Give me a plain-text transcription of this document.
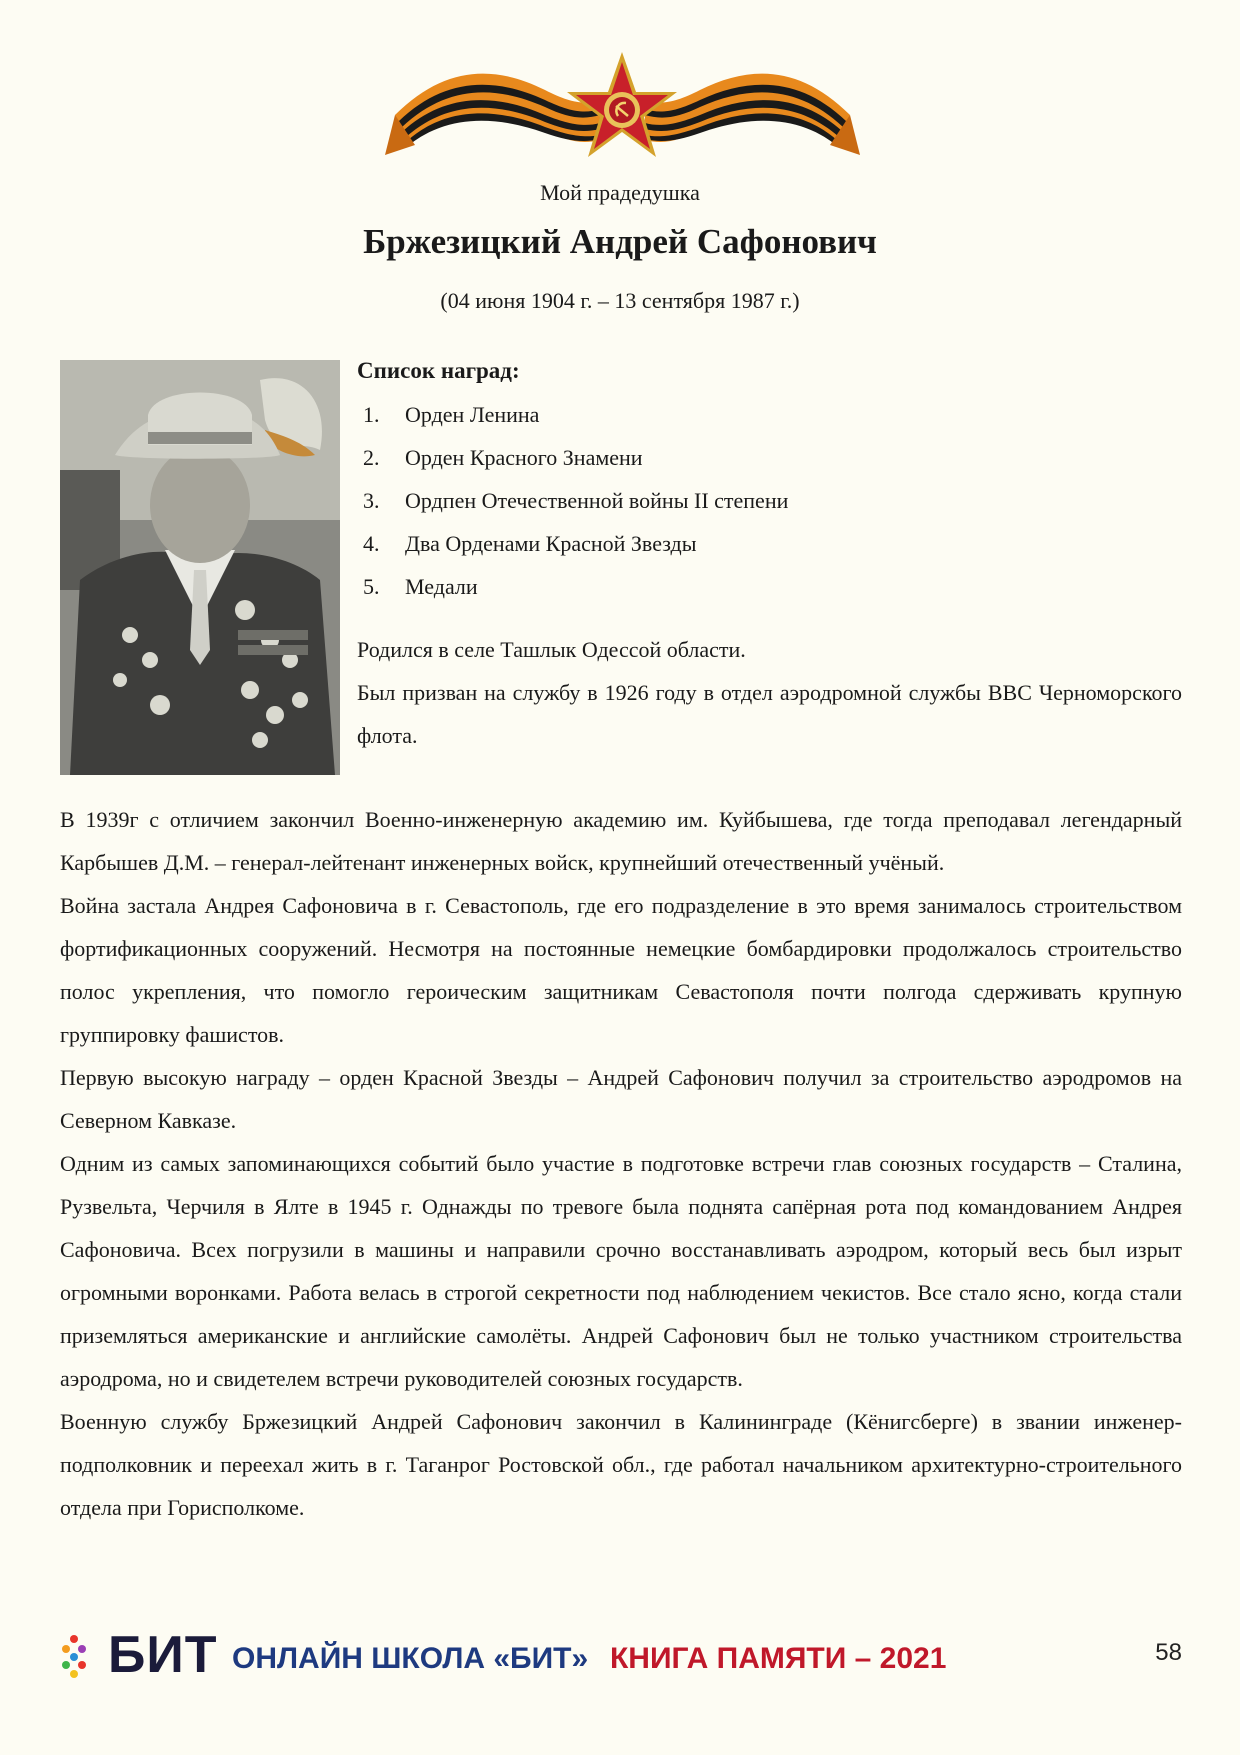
Мой прадедушка
Бржезицкий Андрей Сафонович
(04 июня 1904 г. – 13 сентября 1987 г.)
Список наград:
1. Орден Ленина
2. Орден Красного Знамени
3. Ордпен Отечественной войны II степени
4. Два Орденами Красной Звезды
5. Медали

Родился в селе Ташлык Одессой области.

Был призван на службу в 1926 году в отдел аэродромной службы ВВС Черноморского флота.

В 1939г с отличием закончил Военно-инженерную академию им. Куйбышева, где тогда преподавал легендарный Карбышев Д.М. – генерал-лейтенант инженерных войск, крупнейший отечественный учёный.

Война застала Андрея Сафоновича в г. Севастополь, где его подразделение в это время занималось строительством фортификационных сооружений. Несмотря на постоянные немецкие бомбардировки продолжалось строительство полос укрепления, что помогло героическим защитникам Севастополя почти полгода сдерживать крупную группировку фашистов.

Первую высокую награду – орден Красной Звезды – Андрей Сафонович получил за строительство аэродромов на Северном Кавказе.

Одним из самых запоминающихся событий было участие в подготовке встречи глав союзных государств – Сталина, Рузвельта, Черчиля в Ялте в 1945 г. Однажды по тревоге была поднята сапёрная рота под командованием Андрея Сафоновича. Всех погрузили в машины и направили срочно восстанавливать аэродром, который весь был изрыт огромными воронками. Работа велась в строгой секретности под наблюдением чекистов. Все стало ясно, когда стали приземляться американские и английские самолёты. Андрей Сафонович был не только участником строительства аэродрома, но и свидетелем встречи руководителей союзных государств.

Военную службу Бржезицкий Андрей Сафонович закончил в Калининграде (Кёнигсберге) в звании инженер-подполковник и переехал жить в г. Таганрог Ростовской обл., где работал начальником архитектурно-строительного отдела при Горисполкоме.

БИТ ОНЛАЙН ШКОЛА «БИТ» КНИГА ПАМЯТИ – 2021	58
